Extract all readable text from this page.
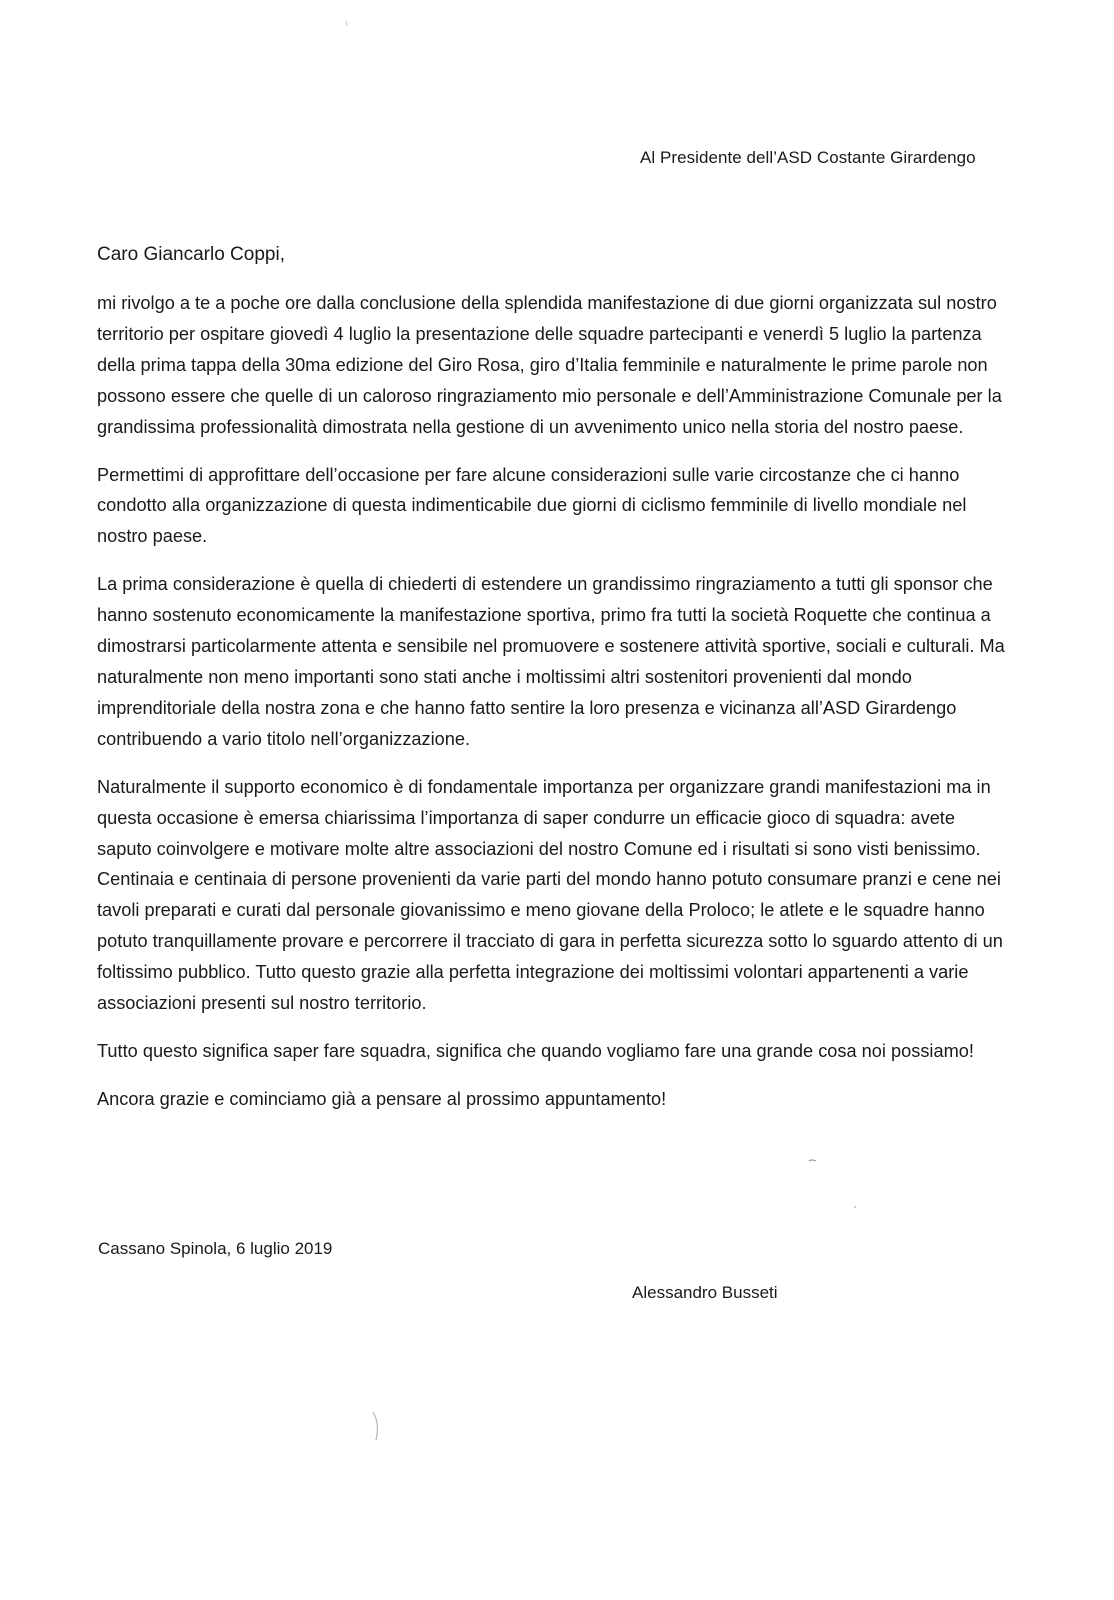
Al Presidente dell’ASD Costante Girardengo
Caro Giancarlo Coppi,

mi rivolgo a te a poche ore dalla conclusione della splendida manifestazione di due giorni organizzata sul nostro territorio per ospitare giovedì 4 luglio la presentazione delle squadre partecipanti e venerdì 5 luglio la partenza della prima tappa della 30ma edizione del Giro Rosa, giro d’Italia femminile e naturalmente le prime parole non possono essere che quelle di un caloroso ringraziamento mio personale e dell’Amministrazione Comunale per la grandissima professionalità dimostrata nella gestione di un avvenimento unico nella storia del nostro paese.

Permettimi di approfittare dell’occasione per fare alcune considerazioni sulle varie circostanze che ci hanno condotto alla organizzazione di questa indimenticabile due giorni di ciclismo femminile di livello mondiale nel nostro paese.

La prima considerazione è quella di chiederti di estendere un grandissimo ringraziamento a tutti gli sponsor che hanno sostenuto economicamente la manifestazione sportiva, primo fra tutti la società Roquette che continua a dimostrarsi particolarmente attenta e sensibile nel promuovere e sostenere attività sportive, sociali e culturali. Ma naturalmente non meno importanti sono stati anche i moltissimi altri sostenitori provenienti dal mondo imprenditoriale della nostra zona e che hanno fatto sentire la loro presenza e vicinanza all’ASD Girardengo contribuendo a vario titolo nell’organizzazione.

Naturalmente il supporto economico è di fondamentale importanza per organizzare grandi manifestazioni ma in questa occasione è emersa chiarissima l’importanza di saper condurre un efficacie gioco di squadra: avete saputo coinvolgere e motivare molte altre associazioni del nostro Comune ed i risultati si sono visti benissimo. Centinaia e centinaia di persone provenienti da varie parti del mondo hanno potuto consumare pranzi e cene nei tavoli preparati e curati dal personale giovanissimo e meno giovane della Proloco; le atlete e le squadre hanno potuto tranquillamente provare e percorrere il tracciato di gara in perfetta sicurezza sotto lo sguardo attento di un foltissimo pubblico. Tutto questo grazie alla perfetta integrazione dei moltissimi volontari appartenenti a varie associazioni presenti sul nostro territorio.

Tutto questo significa saper fare squadra, significa che quando vogliamo fare una grande cosa noi possiamo!

Ancora grazie e cominciamo già a pensare al prossimo appuntamento!

Cassano Spinola, 6 luglio 2019
Alessandro Busseti
